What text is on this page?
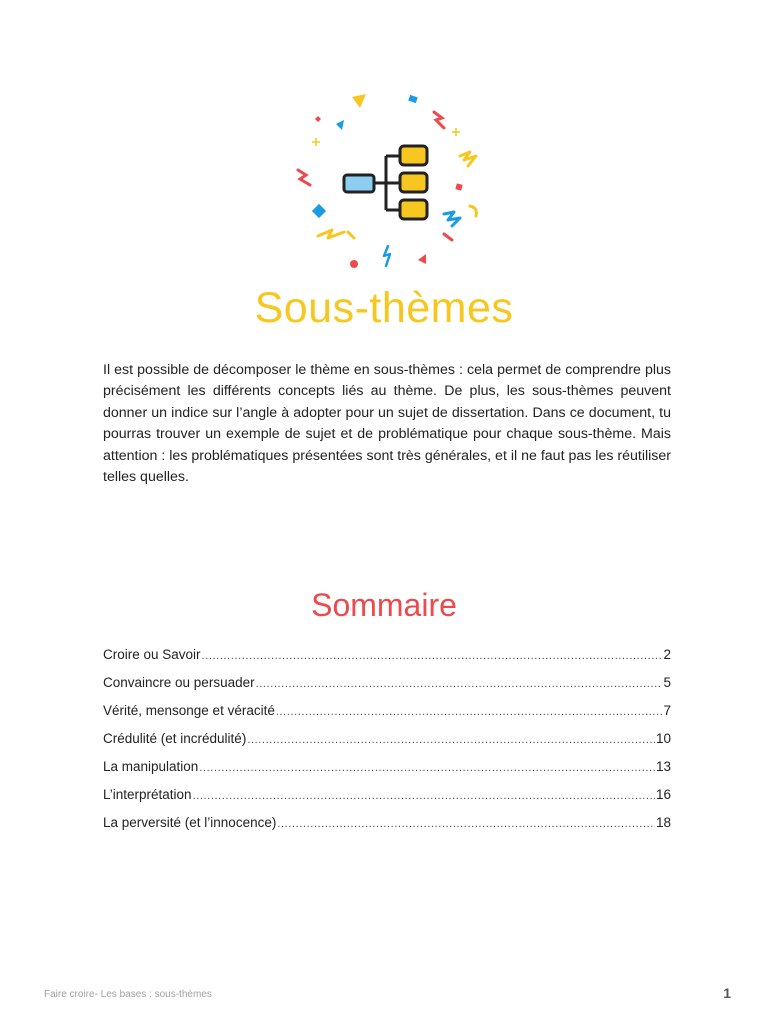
Sous-thèmes

Il est possible de décomposer le thème en sous-thèmes : cela permet de comprendre plus précisément les différents concepts liés au thème. De plus, les sous-thèmes peuvent donner un indice sur l’angle à adopter pour un sujet de dissertation. Dans ce document, tu pourras trouver un exemple de sujet et de problématique pour chaque sous-thème. Mais attention : les problématiques présentées sont très générales, et il ne faut pas les réutiliser telles quelles.

Sommaire
Croire ou Savoir .....	2
Convaincre ou persuader .....	5
Vérité, mensonge et véracité .....	7
Crédulité (et incrédulité) .....	10
La manipulation .....	13
L’interprétation .....	16
La perversité (et l’innocence) .....	18
Faire croire- Les bases : sous-thèmes	1
